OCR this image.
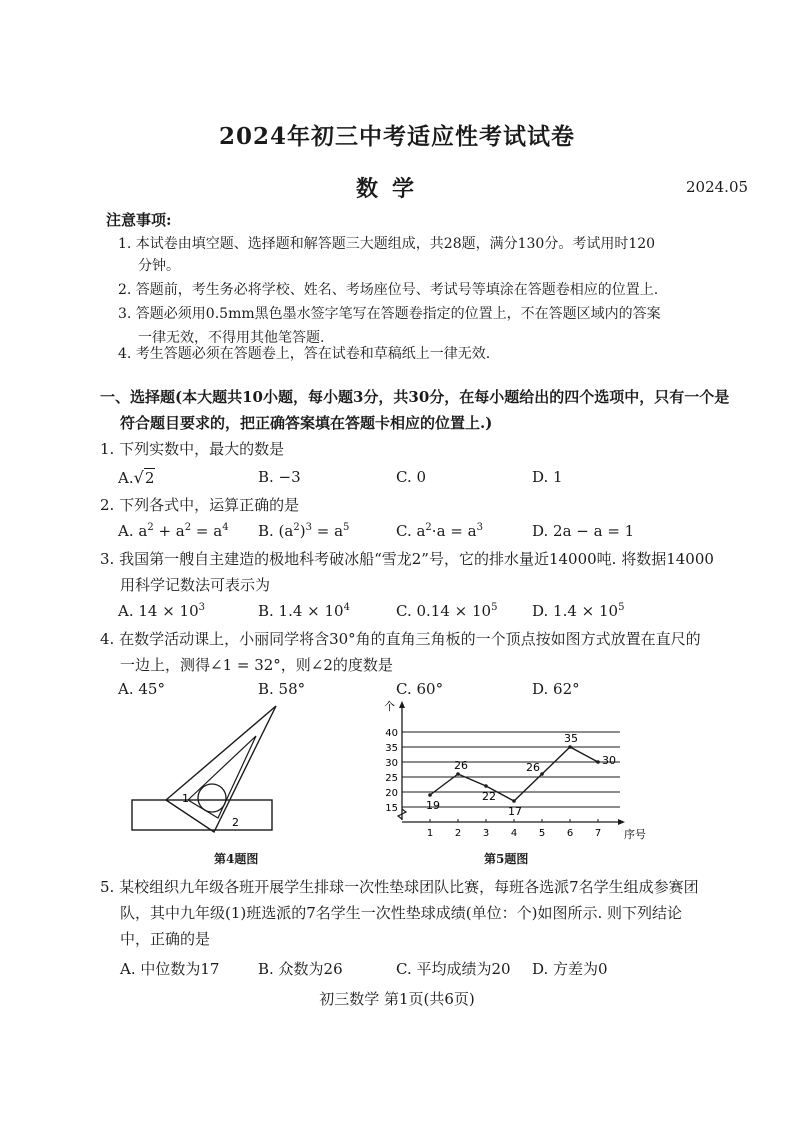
2024年初三中考适应性考试试卷
数学	2024.05
注意事项:
1. 本试卷由填空题、选择题和解答题三大题组成，共28题，满分130分。考试用时120
分钟。
2. 答题前，考生务必将学校、姓名、考场座位号、考试号等填涂在答题卷相应的位置上.
3. 答题必须用0.5mm黑色墨水签字笔写在答题卷指定的位置上，不在答题区域内的答案
一律无效，不得用其他笔答题.
4. 考生答题必须在答题卷上，答在试卷和草稿纸上一律无效.
一、选择题(本大题共10小题，每小题3分，共30分，在每小题给出的四个选项中，只有一个是
符合题目要求的，把正确答案填在答题卡相应的位置上.)
1. 下列实数中，最大的数是
A.√2	B. −3	C. 0	D. 1
2. 下列各式中，运算正确的是
A. $a^2 + a^2 = a^4$ B. $(a^2)^3 = a^5$	C. $a^2\cdot a = a^3$	D. 2a − a = 1
3. 我国第一艘自主建造的极地科考破冰船“雪龙2”号，它的排水量近14000吨. 将数据14000
用科学记数法可表示为
A. $14 \times 10^3$	B. $1.4 \times 10^4$	C. $0.14 \times 10^5$ D. $1.4 \times 10^5$
4. 在数学活动课上，小丽同学将含30°角的直角三角板的一个顶点按如图方式放置在直尺的
一边上，测得∠1 = 32°，则∠2的度数是
A. 45°	B. 58°	C. 60°	D. 62°
1
2
第4题图
15
20
25
30
35
40
个
序号
1 2 3 4 5 6 7
19
26
22
17
26
35
30
第5题图
5. 某校组织九年级各班开展学生排球一次性垫球团队比赛，每班各选派7名学生组成参赛团
队，其中九年级(1)班选派的7名学生一次性垫球成绩(单位：个)如图所示. 则下列结论
中，正确的是
A. 中位数为17	B. 众数为26	C. 平均成绩为20 D. 方差为0
初三数学 第1页(共6页)
